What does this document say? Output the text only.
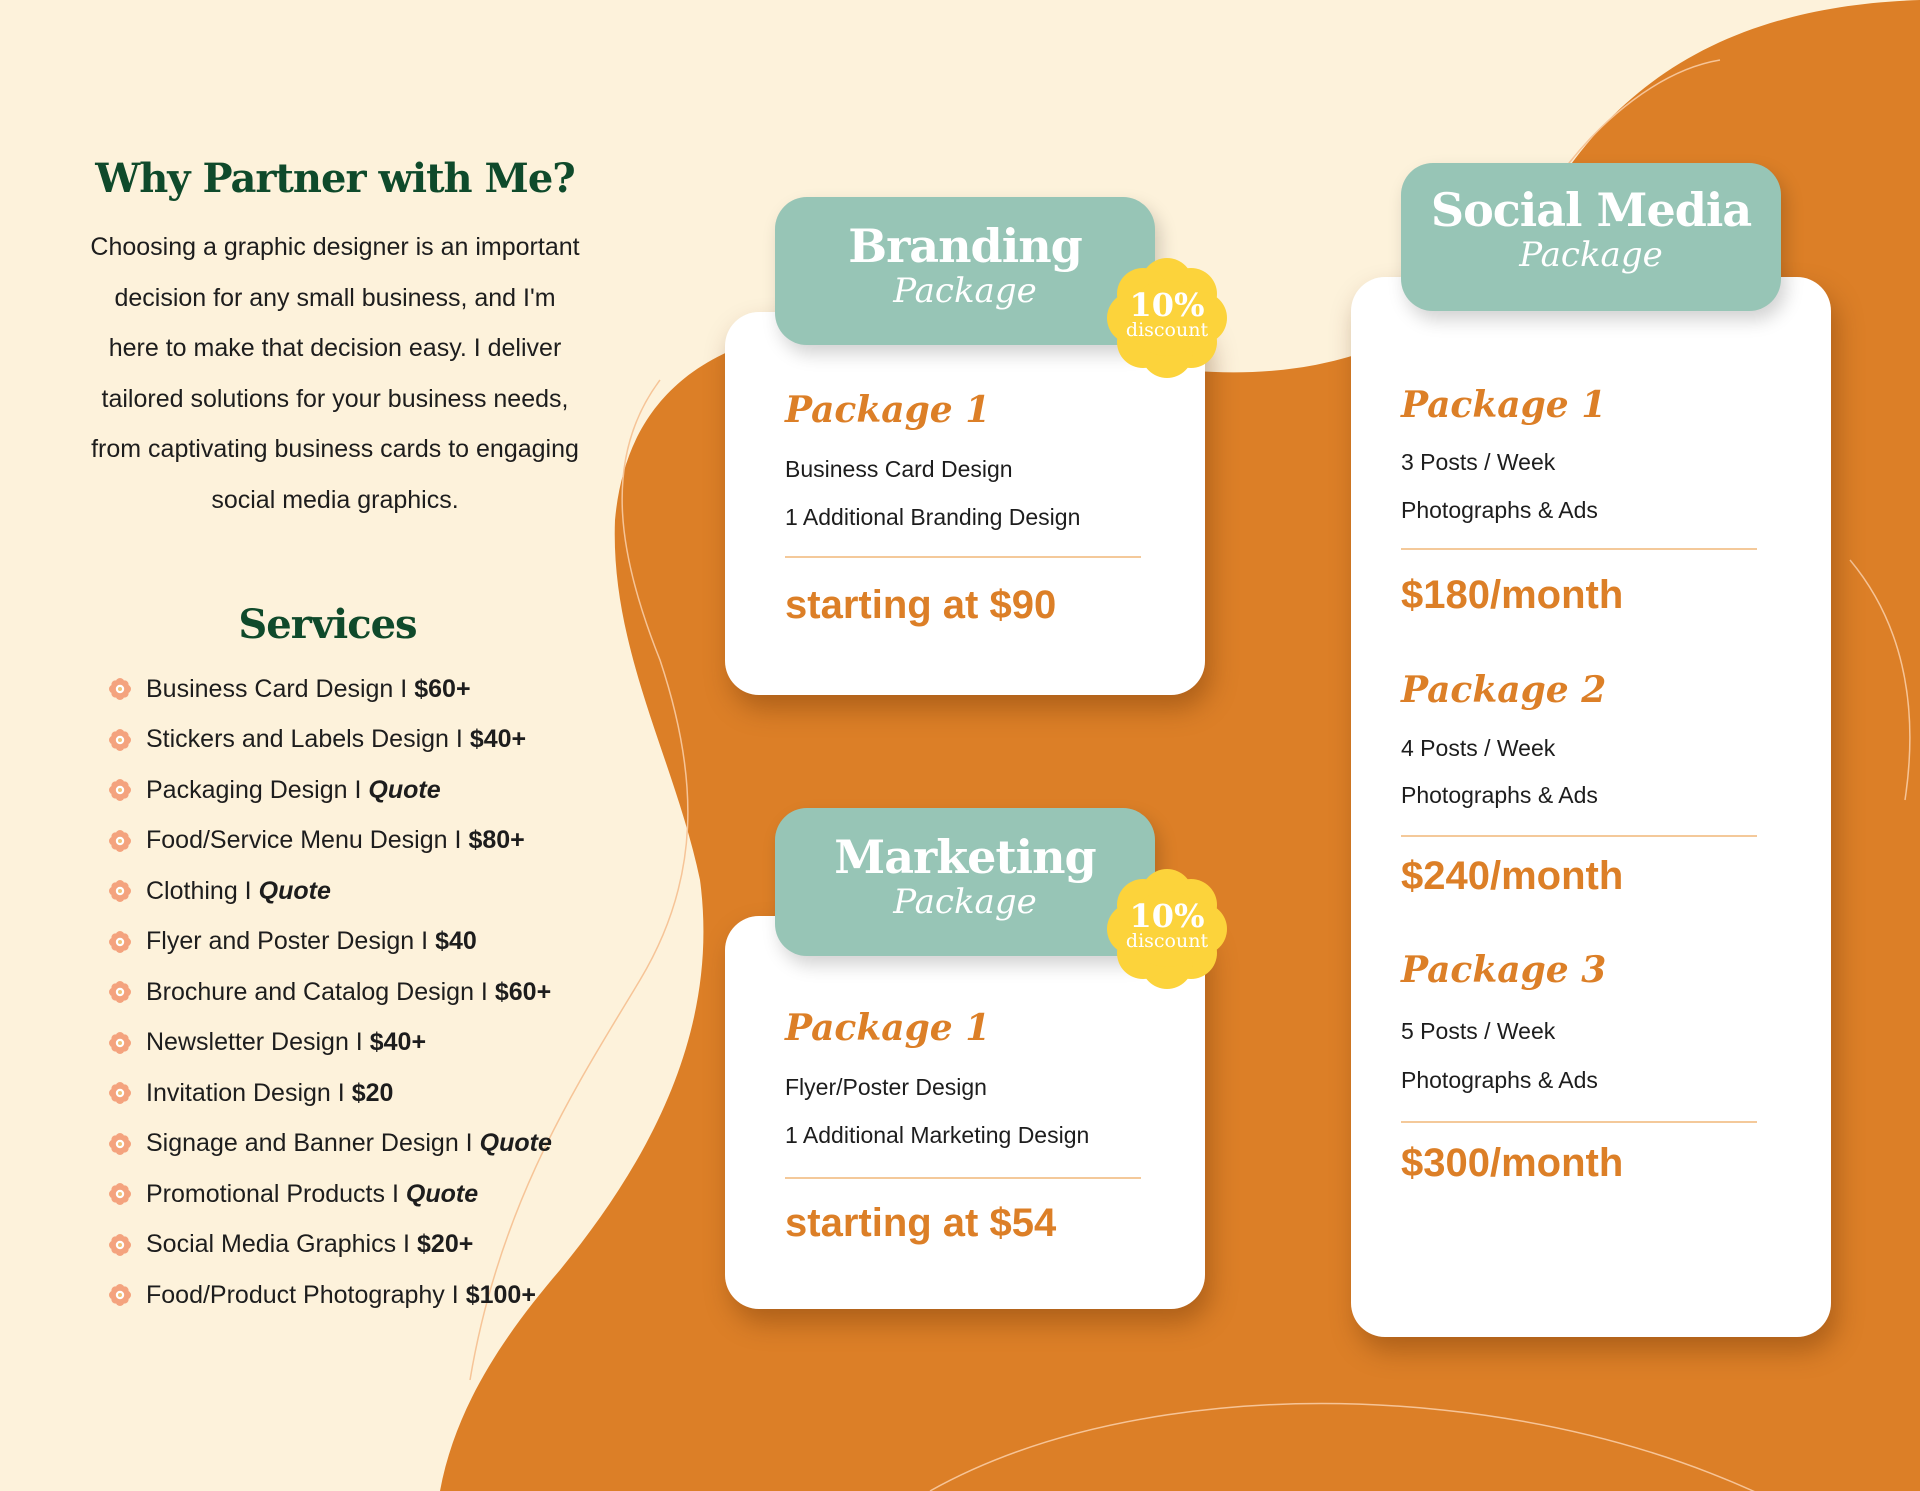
Why Partner with Me?
Choosing a graphic designer is an important
decision for any small business, and I'm
here to make that decision easy. I deliver
tailored solutions for your business needs,
from captivating business cards to engaging
social media graphics.
Services
Business Card Design I $60+
Stickers and Labels Design I $40+
Packaging Design I Quote
Food/Service Menu Design I $80+
Clothing I Quote
Flyer and Poster Design I $40
Brochure and Catalog Design I $60+
Newsletter Design I $40+
Invitation Design I $20
Signage and Banner Design I Quote
Promotional Products I Quote
Social Media Graphics I $20+
Food/Product Photography I $100+
Package 1
Business Card Design
1 Additional Branding Design
starting at $90
Branding
Package	10%
discount
Package 1
Flyer/Poster Design
1 Additional Marketing Design
starting at $54
Marketing
Package	10%
discount
Package 1
3 Posts / Week
Photographs & Ads
$180/month
Package 2
4 Posts / Week
Photographs & Ads
$240/month
Package 3
5 Posts / Week
Photographs & Ads
$300/month
Social Media
Package
